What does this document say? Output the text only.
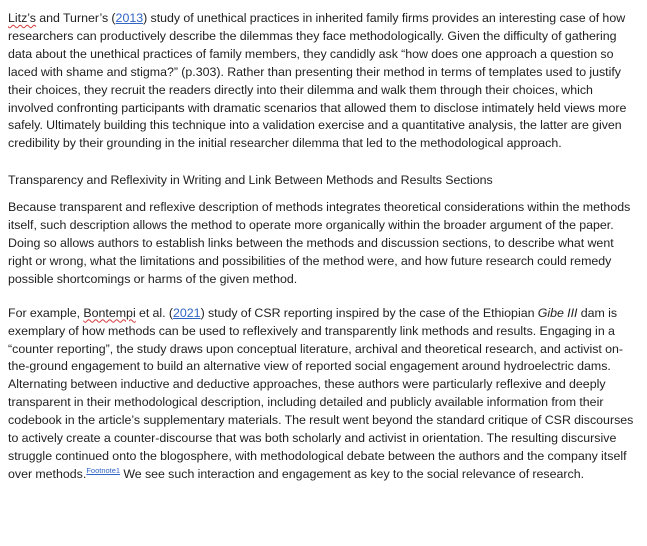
Litz’s and Turner’s (2013) study of unethical practices in inherited family firms provides an interesting case of how researchers can productively describe the dilemmas they face methodologically. Given the difficulty of gathering data about the unethical practices of family members, they candidly ask “how does one approach a question so laced with shame and stigma?” (p.303). Rather than presenting their method in terms of templates used to justify their choices, they recruit the readers directly into their dilemma and walk them through their choices, which involved confronting participants with dramatic scenarios that allowed them to disclose intimately held views more safely. Ultimately building this technique into a validation exercise and a quantitative analysis, the latter are given credibility by their grounding in the initial researcher dilemma that led to the methodological approach.

Transparency and Reflexivity in Writing and Link Between Methods and Results Sections

Because transparent and reflexive description of methods integrates theoretical considerations within the methods itself, such description allows the method to operate more organically within the broader argument of the paper. Doing so allows authors to establish links between the methods and discussion sections, to describe what went right or wrong, what the limitations and possibilities of the method were, and how future research could remedy possible shortcomings or harms of the given method.

For example, Bontempi et al. (2021) study of CSR reporting inspired by the case of the Ethiopian Gibe III dam is exemplary of how methods can be used to reflexively and transparently link methods and results. Engaging in a “counter reporting”, the study draws upon conceptual literature, archival and theoretical research, and activist on-the-ground engagement to build an alternative view of reported social engagement around hydroelectric dams. Alternating between inductive and deductive approaches, these authors were particularly reflexive and deeply transparent in their methodological description, including detailed and publicly available information from their codebook in the article’s supplementary materials. The result went beyond the standard critique of CSR discourses to actively create a counter-discourse that was both scholarly and activist in orientation. The resulting discursive struggle continued onto the blogosphere, with methodological debate between the authors and the company itself over methods.$^{Footnote1}$ We see such interaction and engagement as key to the social relevance of research.
